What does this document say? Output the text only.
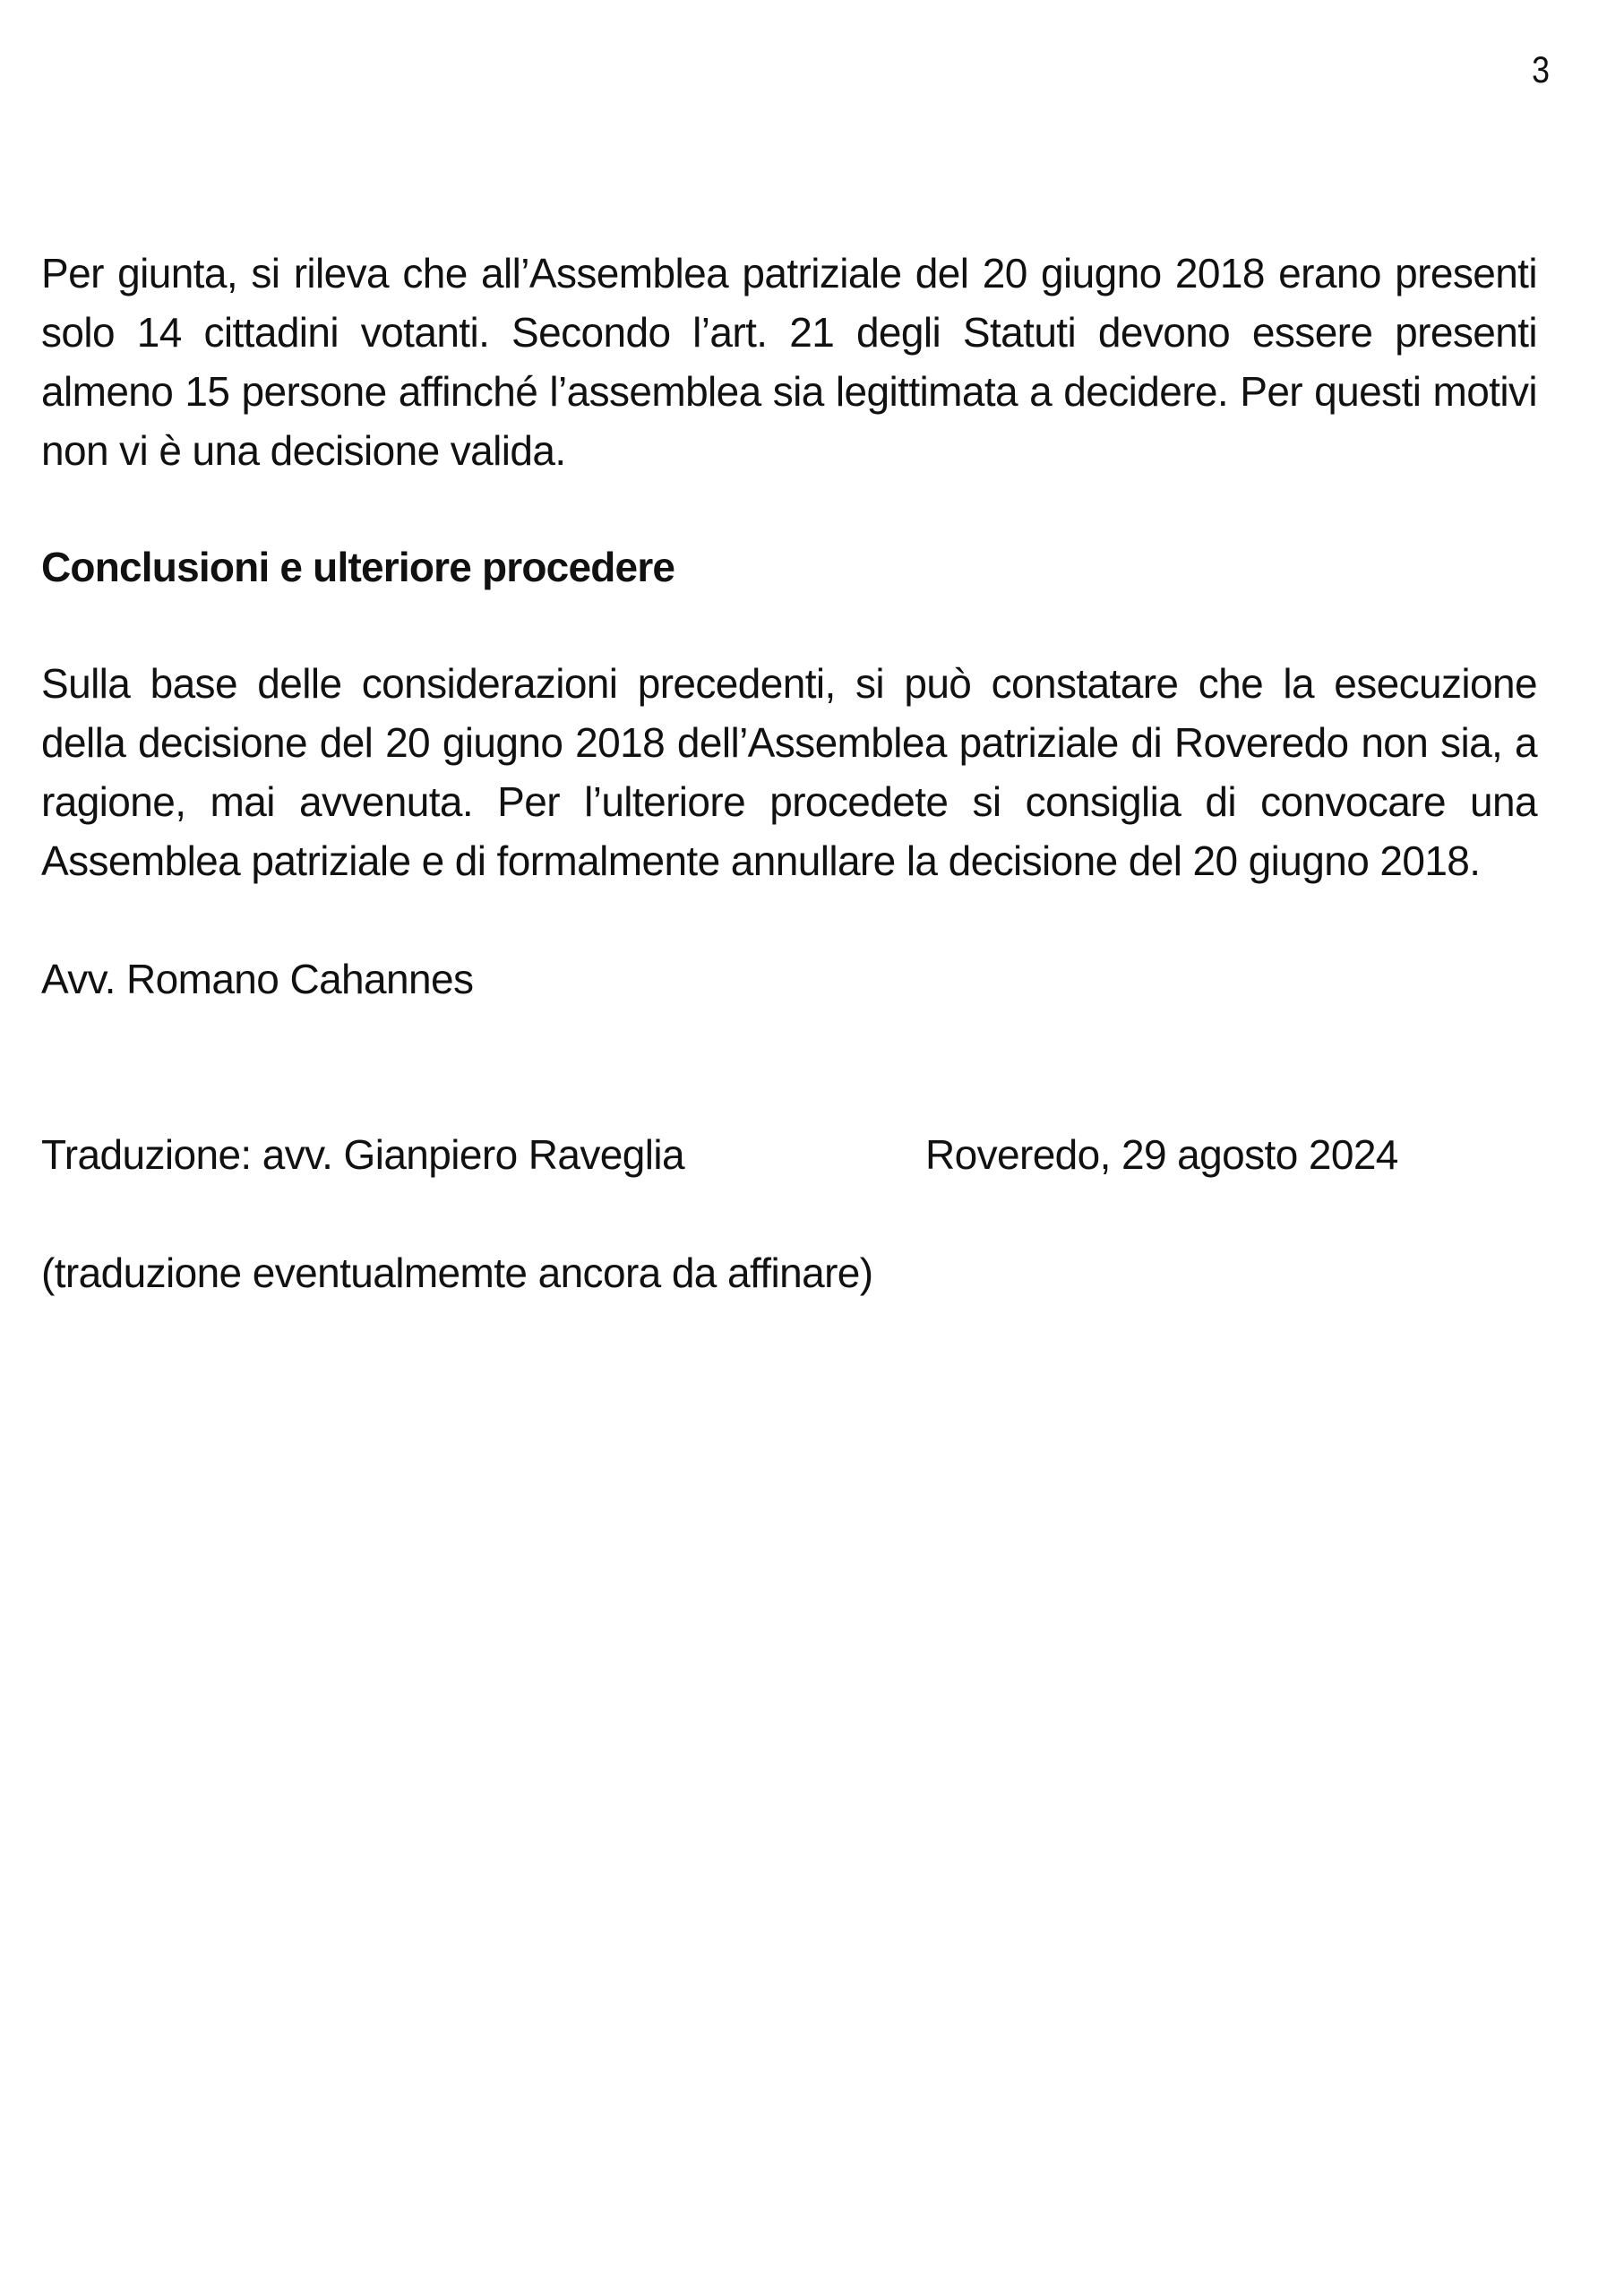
3

Per giunta, si rileva che all’Assemblea patriziale del 20 giugno 2018 erano presenti solo 14 cittadini votanti. Secondo l’art. 21 degli Statuti devono essere presenti almeno 15 persone affinché l’assemblea sia legittimata a decidere. Per questi motivi non vi è una decisione valida.

Conclusioni e ulteriore procedere

Sulla base delle considerazioni precedenti, si può constatare che la esecuzione della decisione del 20 giugno 2018 dell’Assemblea patriziale di Roveredo non sia, a ragione, mai avvenuta. Per l’ulteriore procedete si consiglia di convocare una Assemblea patriziale e di formalmente annullare la decisione del 20 giugno 2018.

Avv. Romano Cahannes

Traduzione: avv. Gianpiero Raveglia	Roveredo, 29 agosto 2024

(traduzione eventualmemte ancora da affinare)
